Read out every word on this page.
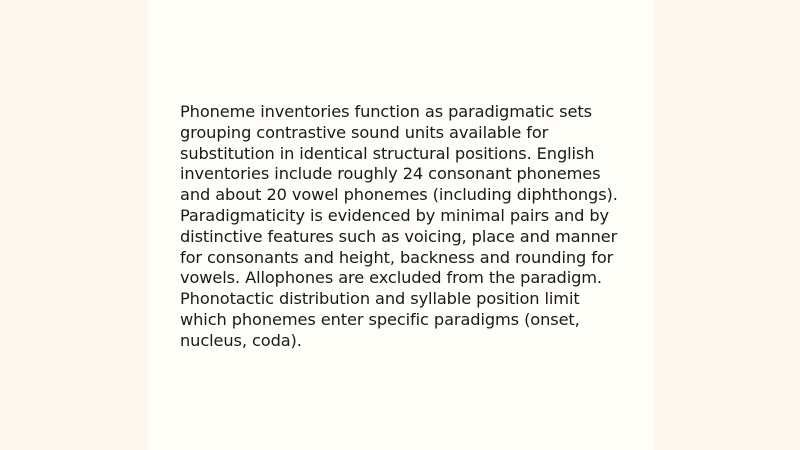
Phoneme inventories function as paradigmatic sets grouping contrastive sound units available for substitution in identical structural positions. English inventories include roughly 24 consonant phonemes and about 20 vowel phonemes (including diphthongs). Paradigmaticity is evidenced by minimal pairs and by distinctive features such as voicing, place and manner for consonants and height, backness and rounding for vowels. Allophones are excluded from the paradigm. Phonotactic distribution and syllable position limit which phonemes enter specific paradigms (onset, nucleus, coda).
